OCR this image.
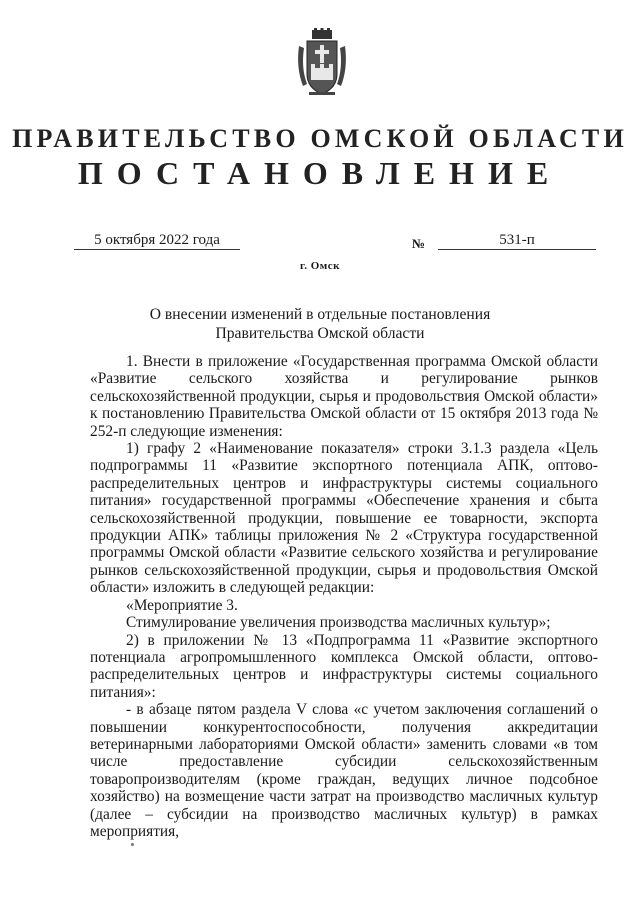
ПРАВИТЕЛЬСТВО ОМСКОЙ ОБЛАСТИ
ПОСТАНОВЛЕНИЕ
5 октября 2022 года	№	531-п
г. Омск
О внесении изменений в отдельные постановления
Правительства Омской области

1. Внести в приложение «Государственная программа Омской области «Развитие сельского хозяйства и регулирование рынков сельскохозяйственной продукции, сырья и продовольствия Омской области» к постановлению Правительства Омской области от 15 октября 2013 года № 252-п следующие изменения:

1) графу 2 «Наименование показателя» строки 3.1.3 раздела «Цель подпрограммы 11 «Развитие экспортного потенциала АПК, оптово-распределительных центров и инфраструктуры системы социального питания» государственной программы «Обеспечение хранения и сбыта сельскохозяйственной продукции, повышение ее товарности, экспорта продукции АПК» таблицы приложения № 2 «Структура государственной программы Омской области «Развитие сельского хозяйства и регулирование рынков сельскохозяйственной продукции, сырья и продовольствия Омской области» изложить в следующей редакции:

«Мероприятие 3.

Стимулирование увеличения производства масличных культур»;

2) в приложении № 13 «Подпрограмма 11 «Развитие экспортного потенциала агропромышленного комплекса Омской области, оптово-распределительных центров и инфраструктуры системы социального питания»:

- в абзаце пятом раздела V слова «с учетом заключения соглашений о повышении конкурентоспособности, получения аккредитации ветеринарными лабораториями Омской области» заменить словами «в том числе предоставление субсидии сельскохозяйственным товаропроизводителям (кроме граждан, ведущих личное подсобное хозяйство) на возмещение части затрат на производство масличных культур (далее – субсидии на производство масличных культур) в рамках мероприятия,
